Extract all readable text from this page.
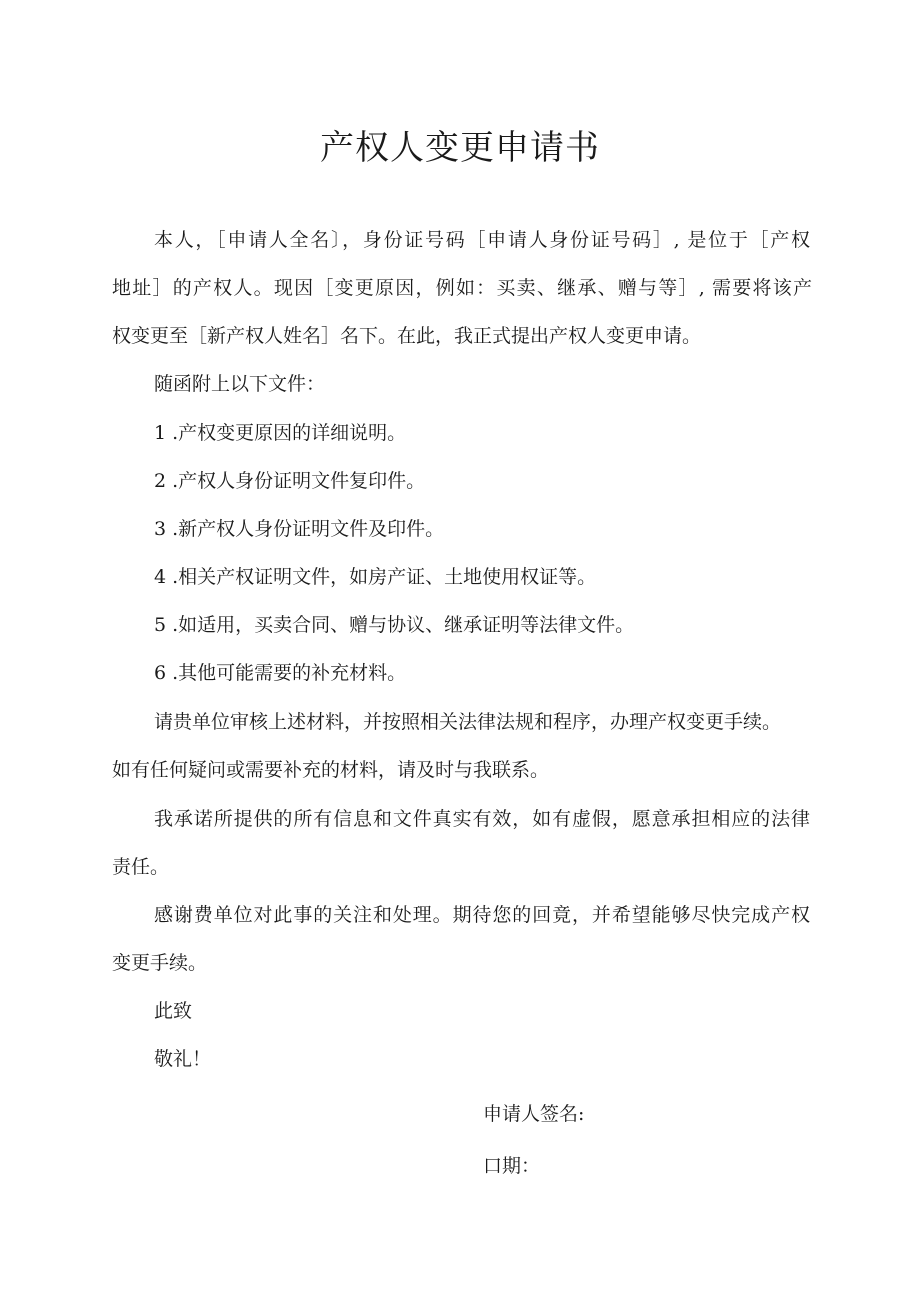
产权人变更申请书

本人，［申请人全名〕，身份证号码［申请人身份证号码］, 是位于［产权

地址］的产权人。现因［变更原因，例如：买卖、继承、赠与等］, 需要将该产

权变更至［新产权人姓名］名下。在此，我正式提出产权人变更申请。

随函附上以下文件：

1 .产权变更原因的详细说明。

2 .产权人身份证明文件复印件。

3 .新产权人身份证明文件及印件。

4 .相关产权证明文件，如房产证、土地使用权证等。

5 .如适用，买卖合同、赠与协议、继承证明等法律文件。

6 .其他可能需要的补充材料。

请贵单位审核上述材料，并按照相关法律法规和程序，办理产权变更手续。

如有任何疑问或需要补充的材料，请及时与我联系。

我承诺所提供的所有信息和文件真实有效，如有虚假，愿意承担相应的法律

责任。

感谢费单位对此事的关注和处理。期待您的回竟，并希望能够尽快完成产权

变更手续。

此致

敬礼！

申请人签名:

口期：
